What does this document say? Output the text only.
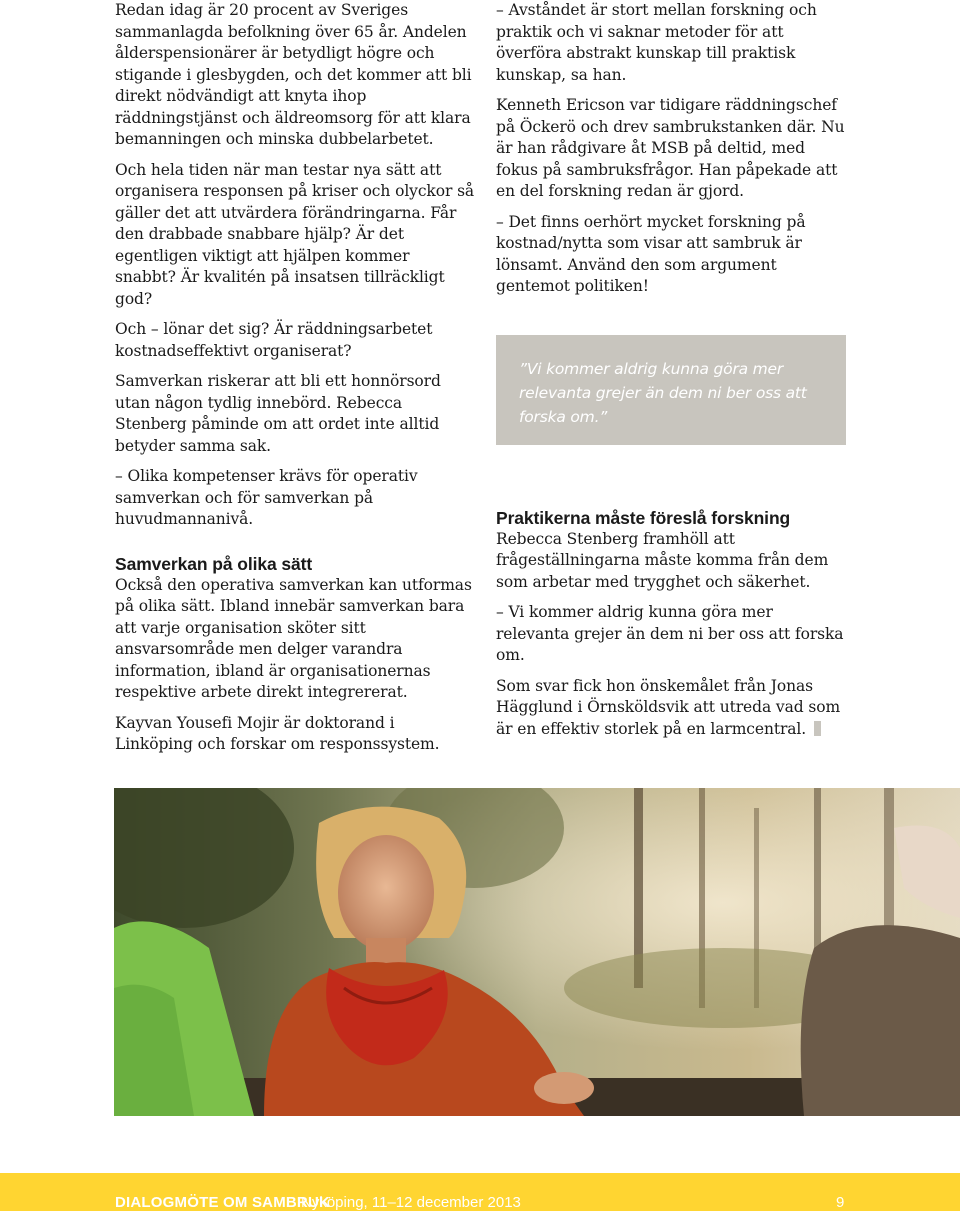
Redan idag är 20 procent av Sveriges sammanlagda befolkning över 65 år. Andelen ålderspensionärer är betydligt högre och stigande i glesbygden, och det kommer att bli direkt nödvändigt att knyta ihop räddningstjänst och äldreomsorg för att klara bemanningen och minska dubbelarbetet.

Och hela tiden när man testar nya sätt att organisera responsen på kriser och olyckor så gäller det att utvärdera förändringarna. Får den drabbade snabbare hjälp? Är det egentligen viktigt att hjälpen kommer snabbt? Är kvalitén på insatsen tillräckligt god?

Och – lönar det sig? Är räddningsarbetet kostnadseffektivt organiserat?

Samverkan riskerar att bli ett honnörsord utan någon tydlig innebörd. Rebecca Stenberg påminde om att ordet inte alltid betyder samma sak.

– Olika kompetenser krävs för operativ samverkan och för samverkan på huvudmannanivå.

Samverkan på olika sätt

Också den operativa samverkan kan utformas på olika sätt. Ibland innebär samverkan bara att varje organisation sköter sitt ansvarsområde men delger varandra information, ibland är organisationernas respektive arbete direkt integrererat.

Kayvan Yousefi Mojir är doktorand i Linköping och forskar om responssystem.

– Avståndet är stort mellan forskning och praktik och vi saknar metoder för att överföra abstrakt kunskap till praktisk kunskap, sa han.

Kenneth Ericson var tidigare räddningschef på Öckerö och drev sambrukstanken där. Nu är han rådgivare åt MSB på deltid, med fokus på sambruksfrågor. Han påpekade att en del forskning redan är gjord.

– Det finns oerhört mycket forskning på kostnad/nytta som visar att sambruk är lönsamt. Använd den som argument gentemot politiken!

Praktikerna måste föreslå forskning

Rebecca Stenberg framhöll att frågeställningarna måste komma från dem som arbetar med trygghet och säkerhet.

– Vi kommer aldrig kunna göra mer relevanta grejer än dem ni ber oss att forska om.

Som svar fick hon önskemålet från Jonas Hägglund i Örnsköldsvik att utreda vad som är en effektiv storlek på en larmcentral.

”Vi kommer aldrig kunna göra mer relevanta grejer än dem ni ber oss att forska om.”
DIALOGMÖTE OM SAMBRUK
Nyköping, 11–12 december 2013	9
